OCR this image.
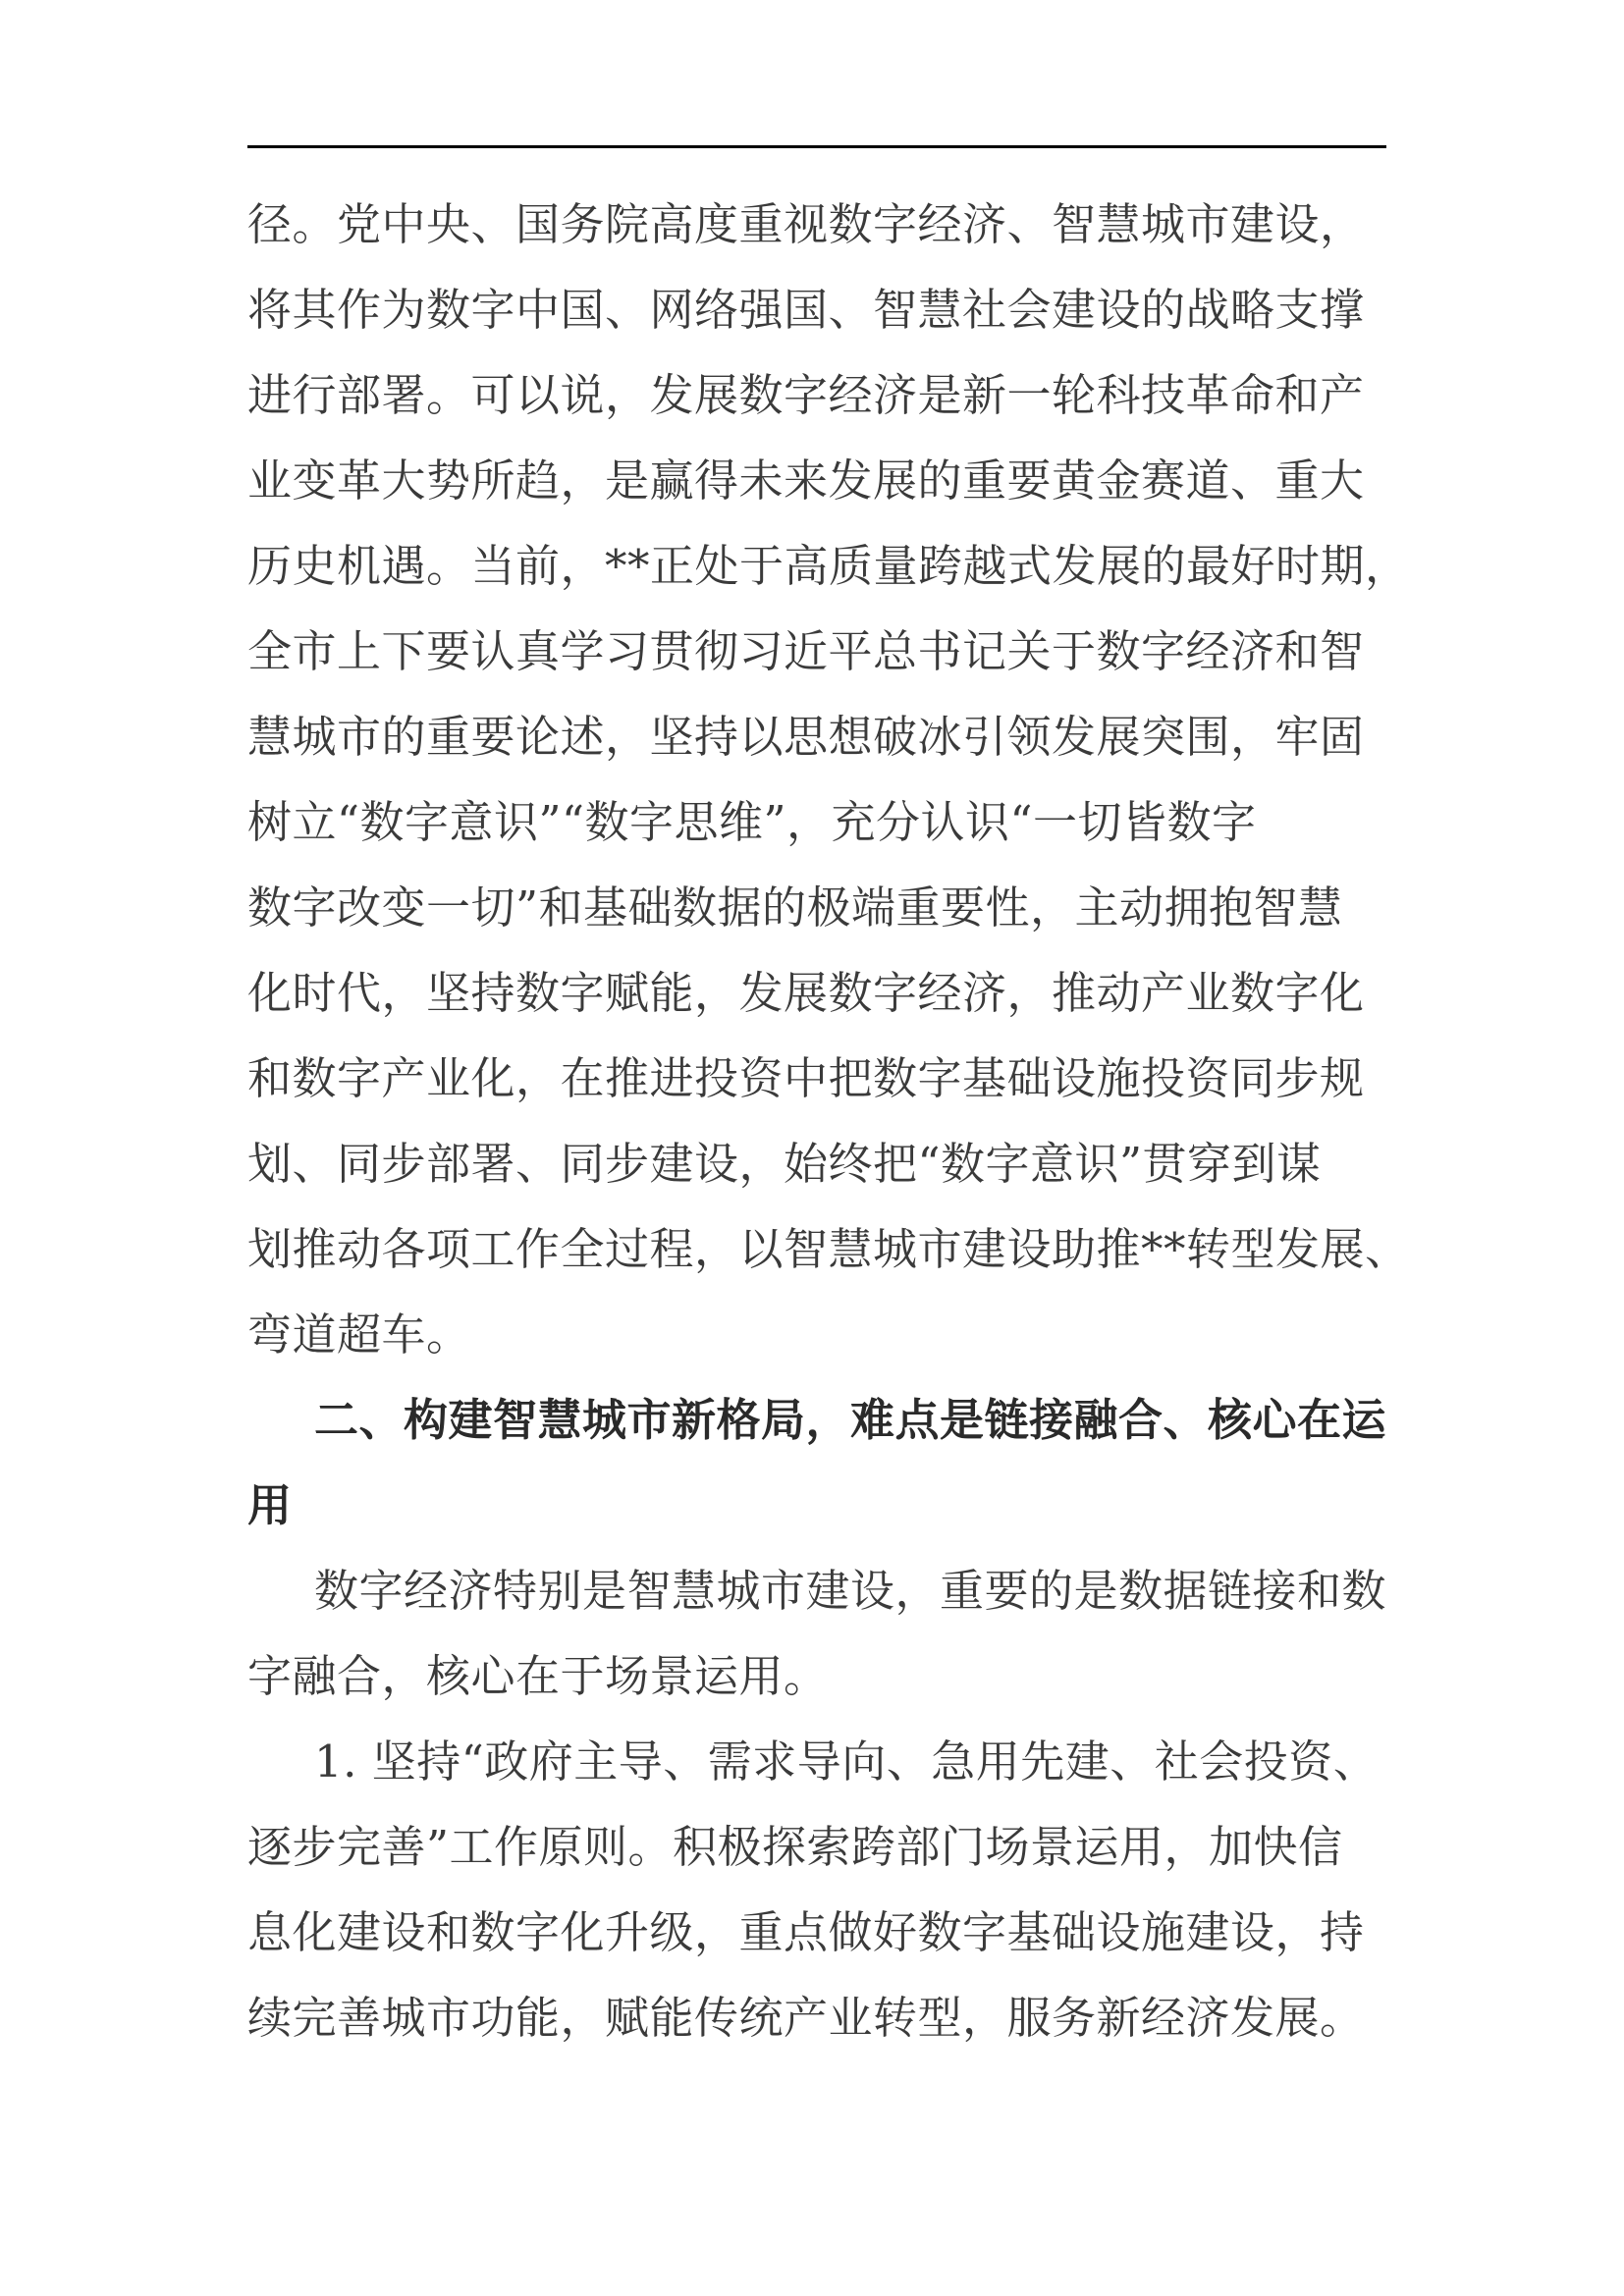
径。党中央、国务院高度重视数字经济、智慧城市建设，
将其作为数字中国、网络强国、智慧社会建设的战略支撑
进行部署。可以说，发展数字经济是新一轮科技革命和产
业变革大势所趋，是赢得未来发展的重要黄金赛道、重大
历史机遇。当前，**正处于高质量跨越式发展的最好时期，
全市上下要认真学习贯彻习近平总书记关于数字经济和智
慧城市的重要论述，坚持以思想破冰引领发展突围，牢固
树立“数字意识”“数字思维”，充分认识“一切皆数字
数字改变一切”和基础数据的极端重要性，主动拥抱智慧
化时代，坚持数字赋能，发展数字经济，推动产业数字化
和数字产业化，在推进投资中把数字基础设施投资同步规
划、同步部署、同步建设，始终把“数字意识”贯穿到谋
划推动各项工作全过程，以智慧城市建设助推**转型发展、
弯道超车。
二、构建智慧城市新格局，难点是链接融合、核心在运
用
数字经济特别是智慧城市建设，重要的是数据链接和数
字融合，核心在于场景运用。
1. 坚持“政府主导、需求导向、急用先建、社会投资、
逐步完善”工作原则。积极探索跨部门场景运用，加快信
息化建设和数字化升级，重点做好数字基础设施建设，持
续完善城市功能，赋能传统产业转型，服务新经济发展。
